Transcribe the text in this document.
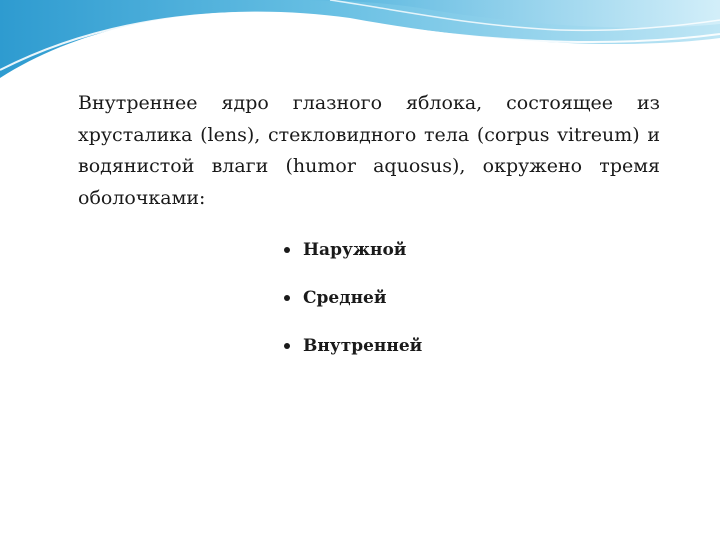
Внутреннее ядро глазного яблока, состоящее из хрусталика (lens), стекловидного тела (corpus vitreum) и водянистой влаги (humor aquosus), окружено тремя оболочками:

Наружной
Средней
Внутренней
